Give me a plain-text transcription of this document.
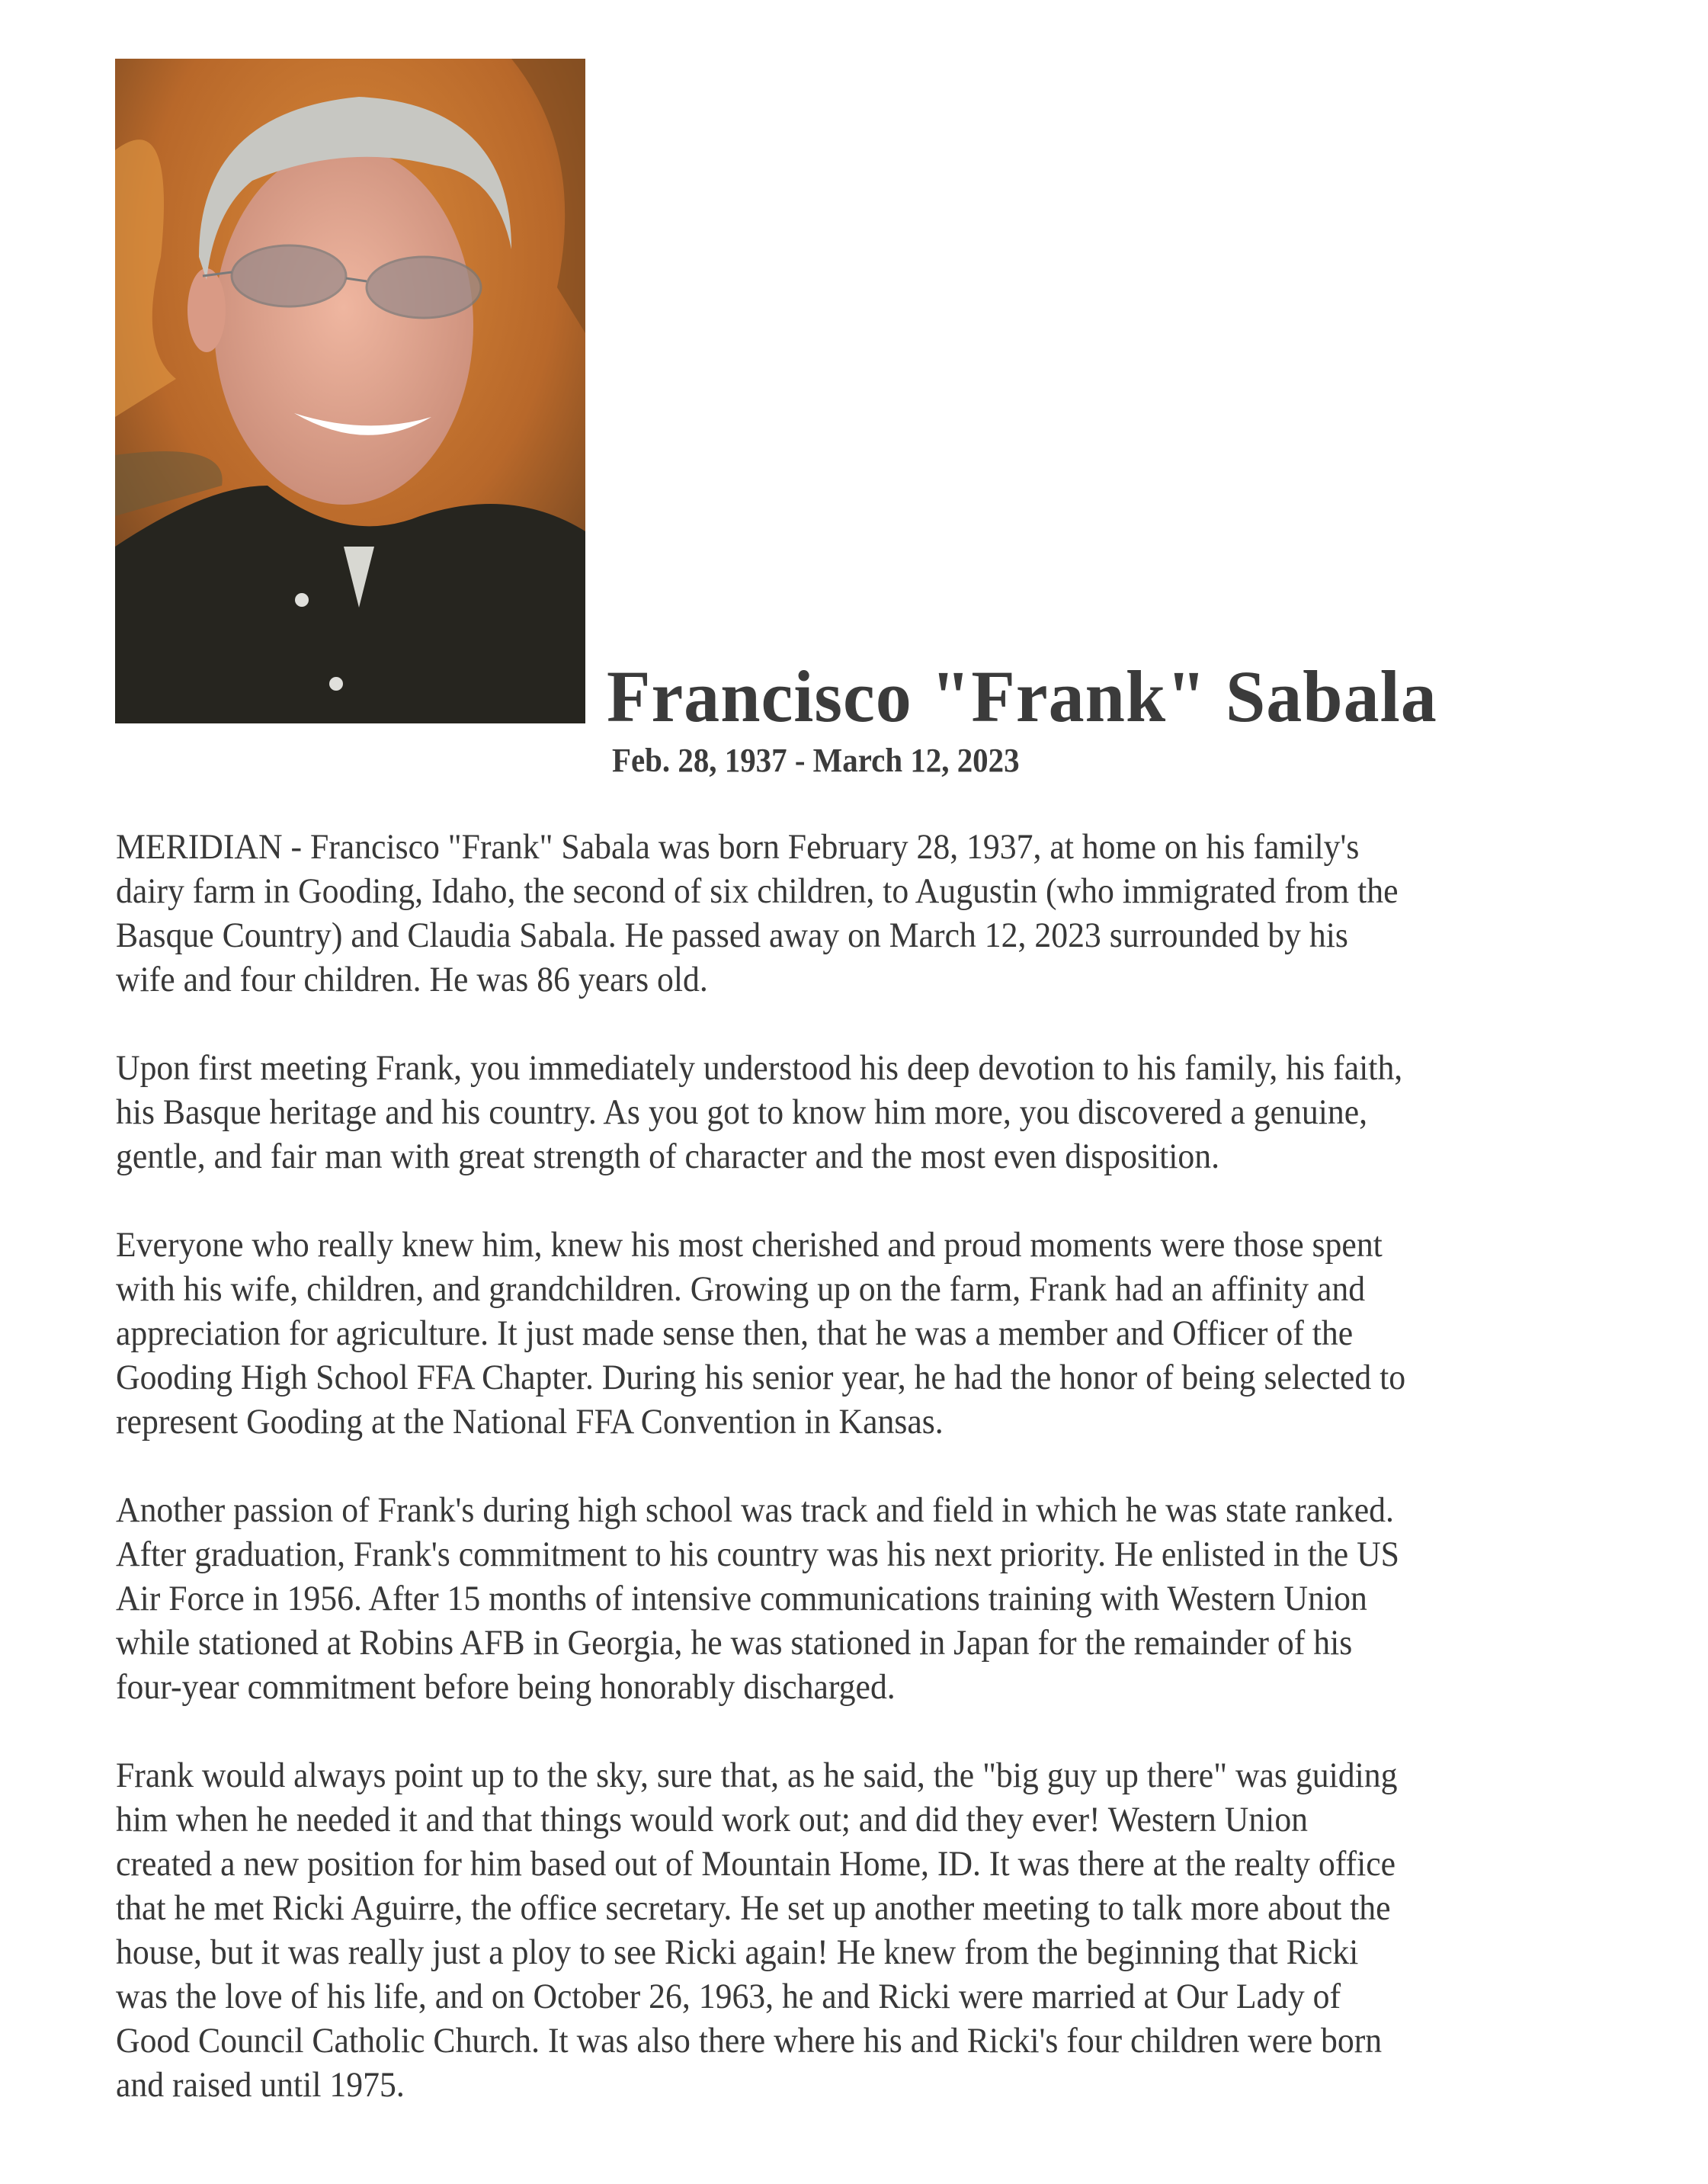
Francisco "Frank" Sabala
Feb. 28, 1937 - March 12, 2023
MERIDIAN - Francisco "Frank" Sabala was born February 28, 1937, at home on his family's
dairy farm in Gooding, Idaho, the second of six children, to Augustin (who immigrated from the
Basque Country) and Claudia Sabala. He passed away on March 12, 2023 surrounded by his
wife and four children. He was 86 years old.
Upon first meeting Frank, you immediately understood his deep devotion to his family, his faith,
his Basque heritage and his country. As you got to know him more, you discovered a genuine,
gentle, and fair man with great strength of character and the most even disposition.
Everyone who really knew him, knew his most cherished and proud moments were those spent
with his wife, children, and grandchildren. Growing up on the farm, Frank had an affinity and
appreciation for agriculture. It just made sense then, that he was a member and Officer of the
Gooding High School FFA Chapter. During his senior year, he had the honor of being selected to
represent Gooding at the National FFA Convention in Kansas.
Another passion of Frank's during high school was track and field in which he was state ranked.
After graduation, Frank's commitment to his country was his next priority. He enlisted in the US
Air Force in 1956. After 15 months of intensive communications training with Western Union
while stationed at Robins AFB in Georgia, he was stationed in Japan for the remainder of his
four-year commitment before being honorably discharged.
Frank would always point up to the sky, sure that, as he said, the "big guy up there" was guiding
him when he needed it and that things would work out; and did they ever! Western Union
created a new position for him based out of Mountain Home, ID. It was there at the realty office
that he met Ricki Aguirre, the office secretary. He set up another meeting to talk more about the
house, but it was really just a ploy to see Ricki again! He knew from the beginning that Ricki
was the love of his life, and on October 26, 1963, he and Ricki were married at Our Lady of
Good Council Catholic Church. It was also there where his and Ricki's four children were born
and raised until 1975.
